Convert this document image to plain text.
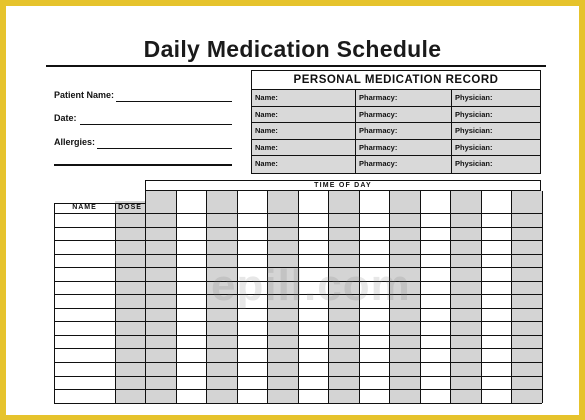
Daily Medication Schedule
Patient Name:
Date:
Allergies:
PERSONAL MEDICATION RECORD
Name:	Pharmacy:	Physician:
Name:	Pharmacy:	Physician:
Name:	Pharmacy:	Physician:
Name:	Pharmacy:	Physician:
Name:	Pharmacy:	Physician:
TIME OF DAY
NAME	DOSE
epill.com
